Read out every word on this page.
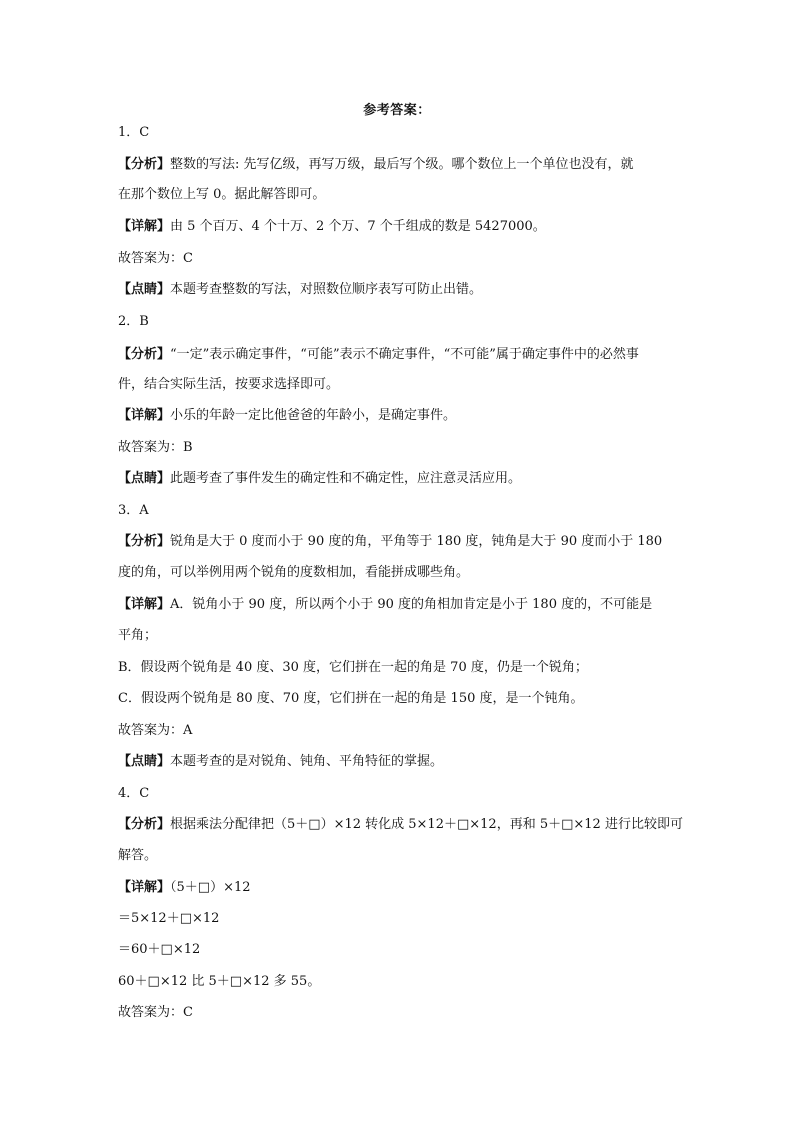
参考答案：
1．C
【分析】整数的写法: 先写亿级，再写万级，最后写个级。哪个数位上一个单位也没有，就
在那个数位上写 0。据此解答即可。
【详解】由 5 个百万、4 个十万、2 个万、7 个千组成的数是 5427000。
故答案为：C
【点睛】本题考查整数的写法，对照数位顺序表写可防止出错。
2．B
【分析】“一定”表示确定事件，“可能”表示不确定事件，“不可能”属于确定事件中的必然事
件，结合实际生活，按要求选择即可。
【详解】小乐的年龄一定比他爸爸的年龄小，是确定事件。
故答案为：B
【点睛】此题考查了事件发生的确定性和不确定性，应注意灵活应用。
3．A
【分析】锐角是大于 0 度而小于 90 度的角，平角等于 180 度，钝角是大于 90 度而小于 180
度的角，可以举例用两个锐角的度数相加，看能拼成哪些角。
【详解】A．锐角小于 90 度，所以两个小于 90 度的角相加肯定是小于 180 度的，不可能是
平角；
B．假设两个锐角是 40 度、30 度，它们拼在一起的角是 70 度，仍是一个锐角；
C．假设两个锐角是 80 度、70 度，它们拼在一起的角是 150 度，是一个钝角。
故答案为：A
【点睛】本题考查的是对锐角、钝角、平角特征的掌握。
4．C
【分析】根据乘法分配律把（5＋□）×12 转化成 5×12＋□×12，再和 5＋□×12 进行比较即可
解答。
【详解】（5＋□）×12
＝5×12＋□×12
＝60＋□×12
60＋□×12 比 5＋□×12 多 55。
故答案为：C
